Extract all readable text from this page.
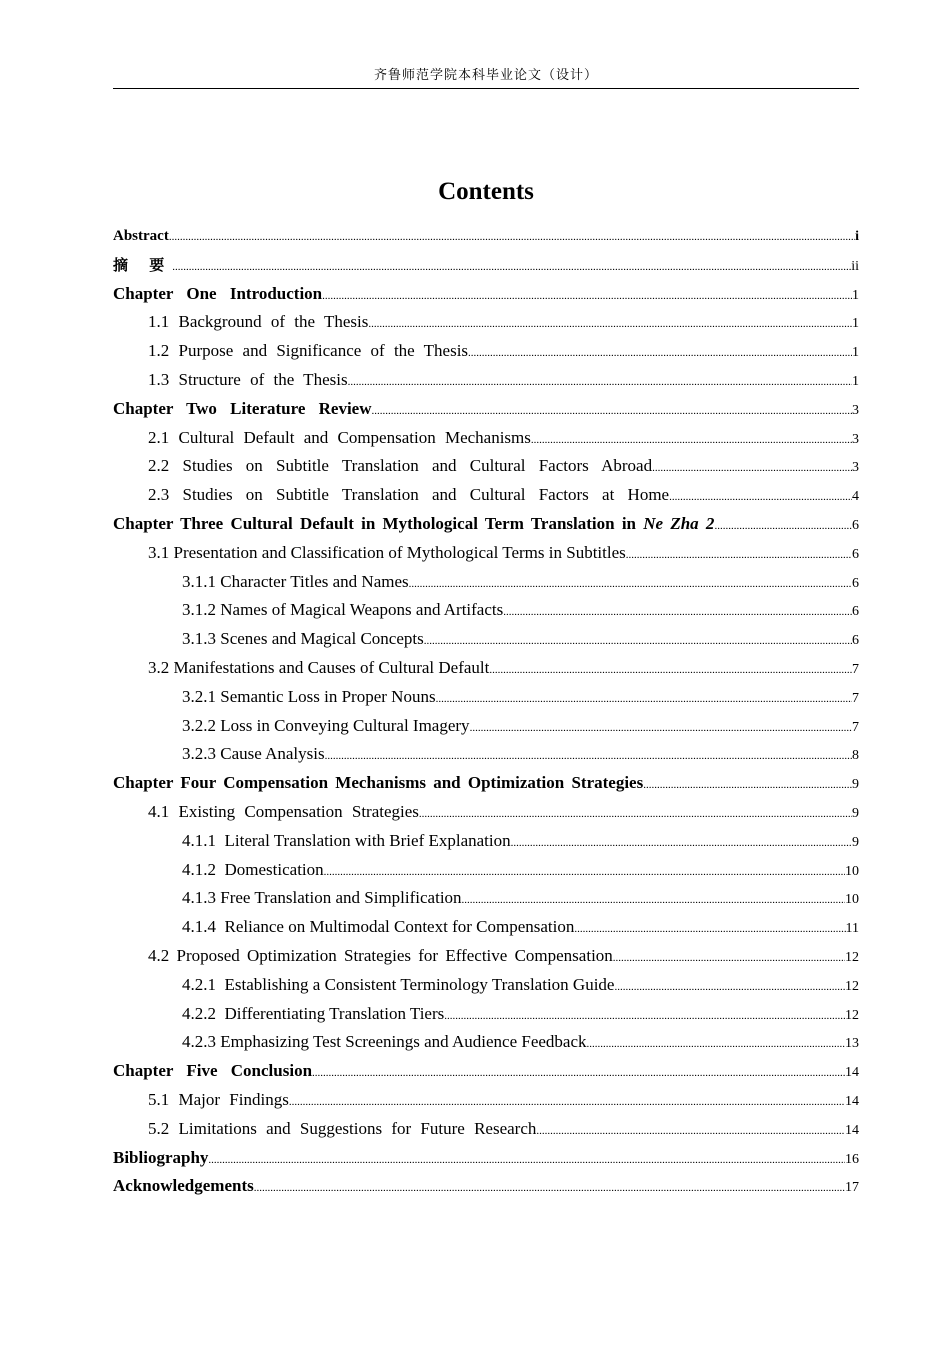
齐鲁师范学院本科毕业论文（设计）
Contents
Abstract .....	i
摘 要 .....	ii
Chapter One Introduction .....	1
1.1 Background of the Thesis .....	1
1.2 Purpose and Significance of the Thesis .....	1
1.3 Structure of the Thesis .....	1
Chapter Two Literature Review .....	3
2.1 Cultural Default and Compensation Mechanisms .....	3
2.2 Studies on Subtitle Translation and Cultural Factors Abroad .....	3
2.3 Studies on Subtitle Translation and Cultural Factors at Home .....	4
Chapter Three Cultural Default in Mythological Term Translation in Ne Zha 2 .....	6
3.1 Presentation and Classification of Mythological Terms in Subtitles .....	6
3.1.1 Character Titles and Names .....	6
3.1.2 Names of Magical Weapons and Artifacts .....	6
3.1.3 Scenes and Magical Concepts .....	6
3.2 Manifestations and Causes of Cultural Default .....	7
3.2.1 Semantic Loss in Proper Nouns .....	7
3.2.2 Loss in Conveying Cultural Imagery .....	7
3.2.3 Cause Analysis .....	8
Chapter Four Compensation Mechanisms and Optimization Strategies .....	9
4.1 Existing Compensation Strategies .....	9
4.1.1  Literal Translation with Brief Explanation .....	9
4.1.2  Domestication .....	10
4.1.3 Free Translation and Simplification .....	10
4.1.4  Reliance on Multimodal Context for Compensation .....	11
4.2 Proposed Optimization Strategies for Effective Compensation .....	12
4.2.1  Establishing a Consistent Terminology Translation Guide .....	12
4.2.2  Differentiating Translation Tiers .....	12
4.2.3 Emphasizing Test Screenings and Audience Feedback .....	13
Chapter Five Conclusion .....	14
5.1 Major Findings .....	14
5.2 Limitations and Suggestions for Future Research .....	14
Bibliography .....	16
Acknowledgements .....	17
